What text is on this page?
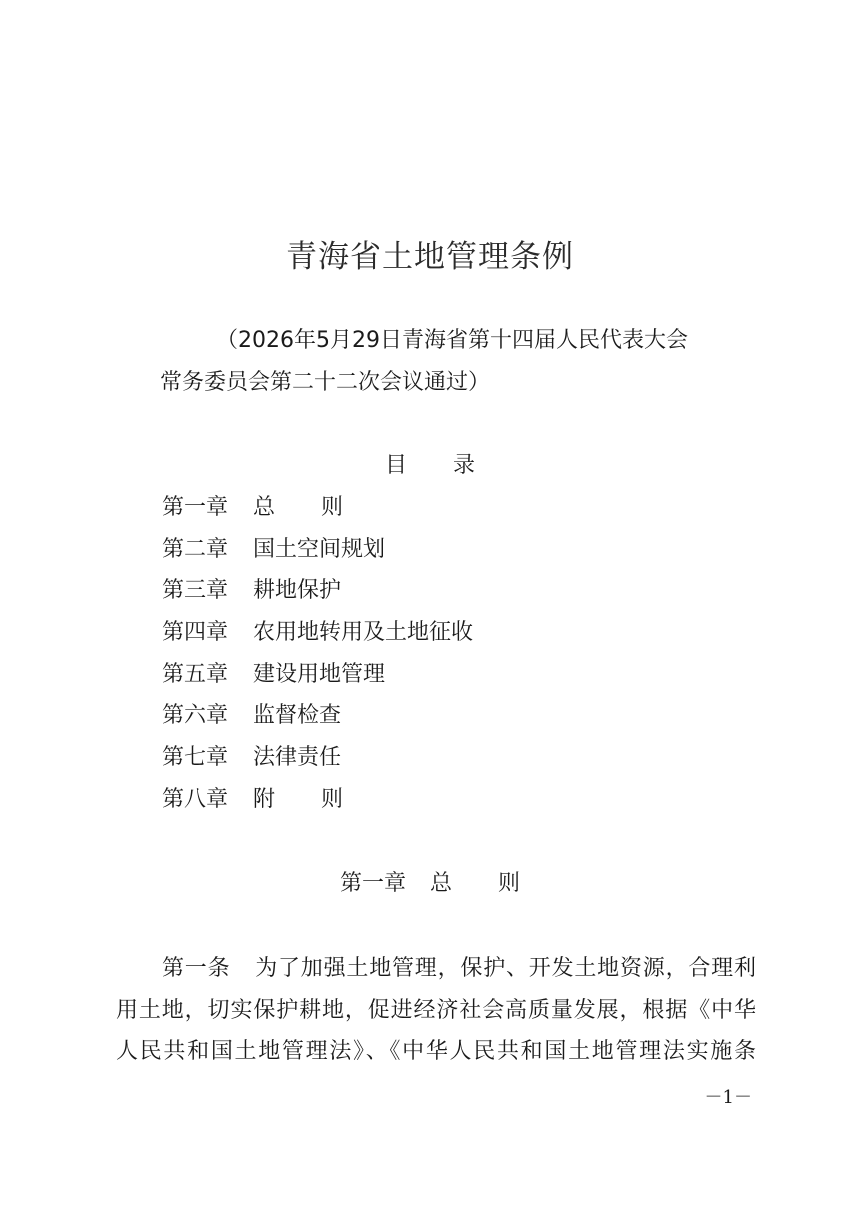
青海省土地管理条例
（2026年5月29日青海省第十四届人民代表大会
常务委员会第二十二次会议通过）
目 录
第一章 总 则
第二章 国土空间规划
第三章 耕地保护
第四章 农用地转用及土地征收
第五章 建设用地管理
第六章 监督检查
第七章 法律责任
第八章 附 则
第一章 总 则
第一条 为了加强土地管理，保护、开发土地资源，合理利
用土地，切实保护耕地，促进经济社会高质量发展，根据《中华
人民共和国土地管理法》、《中华人民共和国土地管理法实施条
－1－
